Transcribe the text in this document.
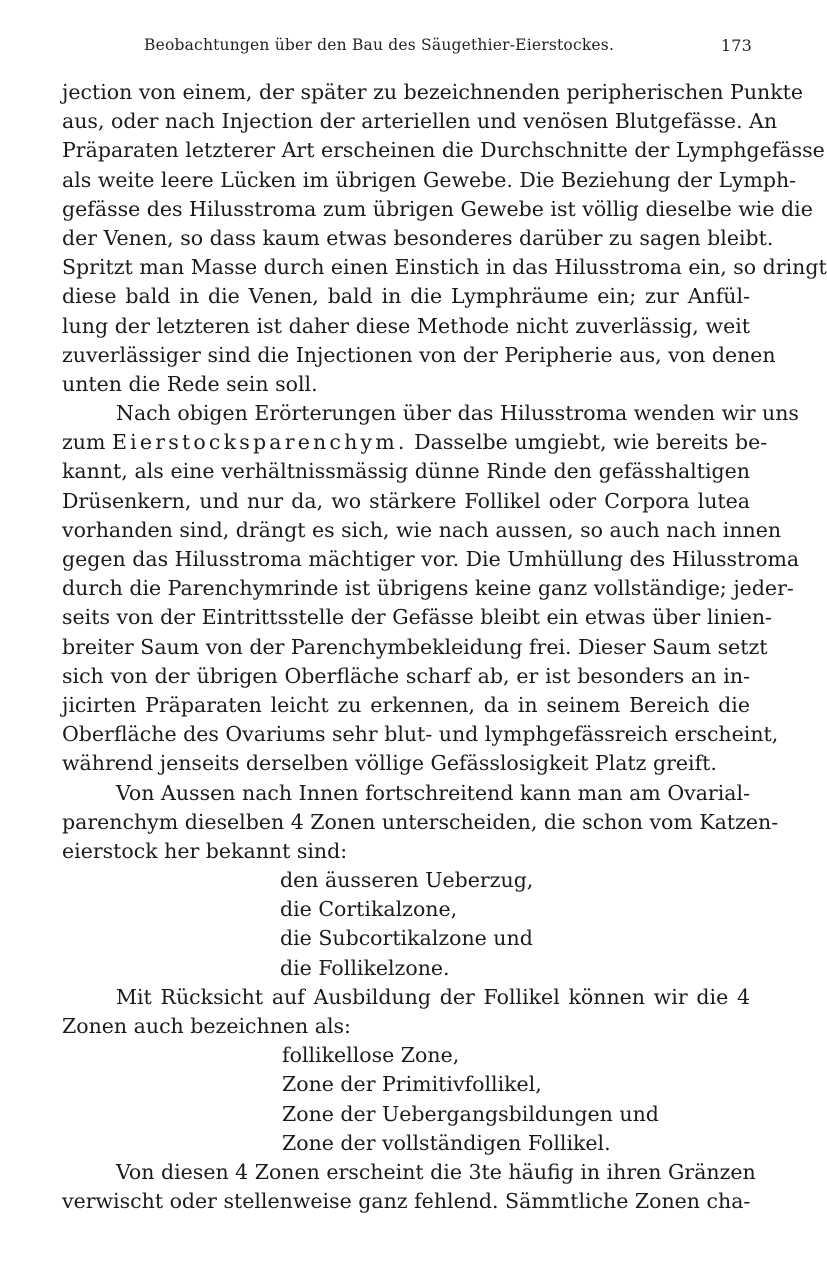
Beobachtungen über den Bau des Säugethier-Eierstockes.	173
jection von einem, der später zu bezeichnenden peripherischen Punkte
aus, oder nach Injection der arteriellen und venösen Blutgefässe. An
Präparaten letzterer Art erscheinen die Durchschnitte der Lymphgefässe
als weite leere Lücken im übrigen Gewebe. Die Beziehung der Lymph-
gefässe des Hilusstroma zum übrigen Gewebe ist völlig dieselbe wie die
der Venen, so dass kaum etwas besonderes darüber zu sagen bleibt.
Spritzt man Masse durch einen Einstich in das Hilusstroma ein, so dringt
diese bald in die Venen, bald in die Lymphräume ein; zur Anfül-
lung der letzteren ist daher diese Methode nicht zuverlässig, weit
zuverlässiger sind die Injectionen von der Peripherie aus, von denen
unten die Rede sein soll.
Nach obigen Erörterungen über das Hilusstroma wenden wir uns
zum Eierstocksparenchym. Dasselbe umgiebt, wie bereits be-
kannt, als eine verhältnissmässig dünne Rinde den gefässhaltigen
Drüsenkern, und nur da, wo stärkere Follikel oder Corpora lutea
vorhanden sind, drängt es sich, wie nach aussen, so auch nach innen
gegen das Hilusstroma mächtiger vor. Die Umhüllung des Hilusstroma
durch die Parenchymrinde ist übrigens keine ganz vollständige; jeder-
seits von der Eintrittsstelle der Gefässe bleibt ein etwas über linien-
breiter Saum von der Parenchymbekleidung frei. Dieser Saum setzt
sich von der übrigen Oberfläche scharf ab, er ist besonders an in-
jicirten Präparaten leicht zu erkennen, da in seinem Bereich die
Oberfläche des Ovariums sehr blut- und lymphgefässreich erscheint,
während jenseits derselben völlige Gefässlosigkeit Platz greift.
Von Aussen nach Innen fortschreitend kann man am Ovarial-
parenchym dieselben 4 Zonen unterscheiden, die schon vom Katzen-
eierstock her bekannt sind:
den äusseren Ueberzug,
die Cortikalzone,
die Subcortikalzone und
die Follikelzone.
Mit Rücksicht auf Ausbildung der Follikel können wir die 4
Zonen auch bezeichnen als:
follikellose Zone,
Zone der Primitivfollikel,
Zone der Uebergangsbildungen und
Zone der vollständigen Follikel.
Von diesen 4 Zonen erscheint die 3te häufig in ihren Gränzen
verwischt oder stellenweise ganz fehlend. Sämmtliche Zonen cha-
